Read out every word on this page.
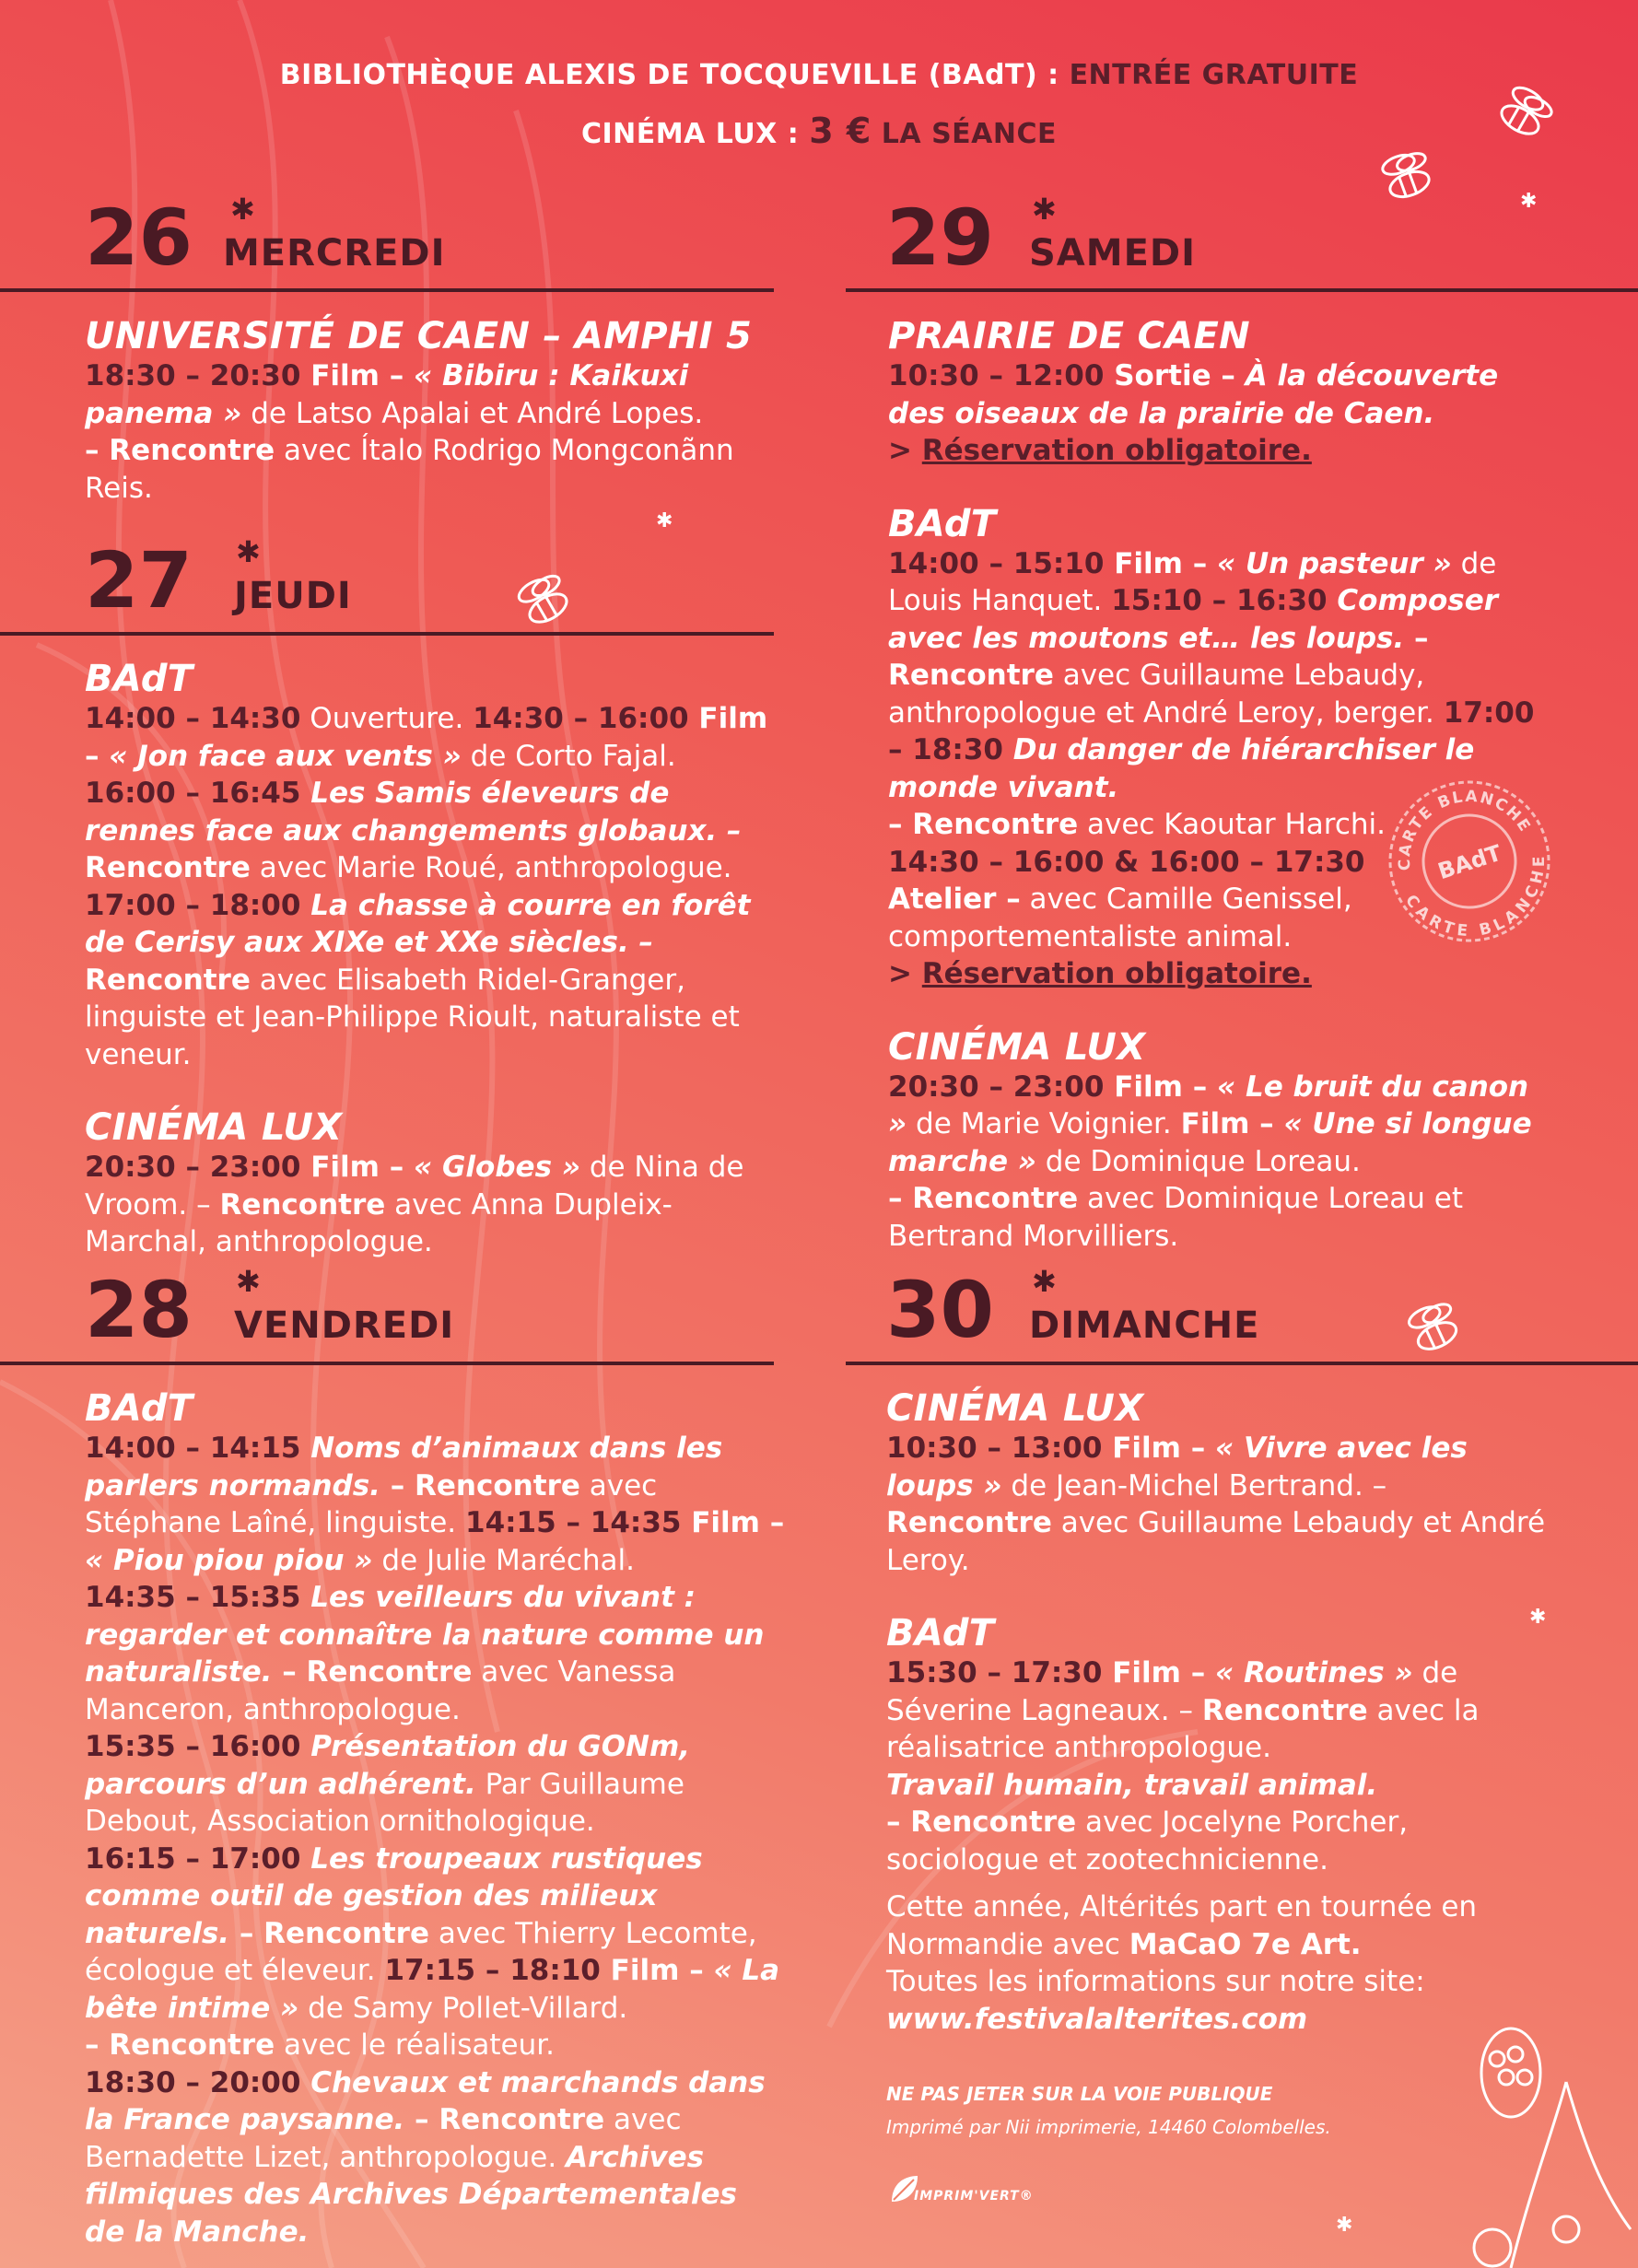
✱
✱
✱
✱
BIBLIOTHÈQUE ALEXIS DE TOCQUEVILLE (BAdT) : ENTRÉE GRATUITE
CINÉMA LUX : 3 € LA SÉANCE
26 ✱
MERCREDI
UNIVERSITÉ DE CAEN – AMPHI 5

18:30 – 20:30 Film – « Bibiru : Kaikuxi panema » de Latso Apalai et André Lopes.
– Rencontre avec Ítalo Rodrigo Mongconãnn Reis.

27 ✱
JEUDI
BAdT

14:00 – 14:30 Ouverture. 14:30 – 16:00 Film – « Jon face aux vents » de Corto Fajal.
16:00 – 16:45 Les Samis éleveurs de rennes face aux changements globaux. – Rencontre avec Marie Roué, anthropologue.
17:00 – 18:00 La chasse à courre en forêt de Cerisy aux XIXe et XXe siècles. – Rencontre avec Elisabeth Ridel-Granger, linguiste et Jean-Philippe Rioult, naturaliste et veneur.

CINÉMA LUX

20:30 – 23:00 Film – « Globes » de Nina de Vroom. – Rencontre avec Anna Dupleix-Marchal, anthropologue.

28 ✱
VENDREDI
BAdT

14:00 – 14:15 Noms d’animaux dans les parlers normands. – Rencontre avec Stéphane Laîné, linguiste. 14:15 – 14:35 Film – « Piou piou piou » de Julie Maréchal.
14:35 – 15:35 Les veilleurs du vivant : regarder et connaître la nature comme un naturaliste. – Rencontre avec Vanessa Manceron, anthropologue.
15:35 – 16:00 Présentation du GONm, parcours d’un adhérent. Par Guillaume Debout, Association ornithologique.
16:15 – 17:00 Les troupeaux rustiques comme outil de gestion des milieux naturels. – Rencontre avec Thierry Lecomte, écologue et éleveur. 17:15 – 18:10 Film – « La bête intime » de Samy Pollet-Villard.
– Rencontre avec le réalisateur.
18:30 – 20:00 Chevaux et marchands dans la France paysanne. – Rencontre avec Bernadette Lizet, anthropologue. Archives filmiques des Archives Départementales de la Manche.

29 ✱
SAMEDI
PRAIRIE DE CAEN

10:30 – 12:00 Sortie – À la découverte des oiseaux de la prairie de Caen.
> Réservation obligatoire.

BAdT

14:00 – 15:10 Film – « Un pasteur » de Louis Hanquet. 15:10 – 16:30 Composer avec les moutons et… les loups. – Rencontre avec Guillaume Lebaudy, anthropologue et André Leroy, berger. 17:00 – 18:30 Du danger de hiérarchiser le monde vivant.
– Rencontre avec Kaoutar Harchi.
14:30 – 16:00 & 16:00 – 17:30
Atelier – avec Camille Genissel, comportementaliste animal.
> Réservation obligatoire.

CINÉMA LUX

20:30 – 23:00 Film – « Le bruit du canon » de Marie Voignier. Film – « Une si longue marche » de Dominique Loreau.
– Rencontre avec Dominique Loreau et Bertrand Morvilliers.

CARTE BLANCHE
CARTE BLANCHE
BAdT
30 ✱
DIMANCHE
CINÉMA LUX

10:30 – 13:00 Film – « Vivre avec les loups » de Jean-Michel Bertrand. – Rencontre avec Guillaume Lebaudy et André Leroy.

BAdT

15:30 – 17:30 Film – « Routines » de Séverine Lagneaux. – Rencontre avec la réalisatrice anthropologue.
Travail humain, travail animal.
– Rencontre avec Jocelyne Porcher, sociologue et zootechnicienne.

Cette année, Altérités part en tournée en Normandie avec MaCaO 7e Art.
Toutes les informations sur notre site:
www.festivalalterites.com

NE PAS JETER SUR LA VOIE PUBLIQUE
Imprimé par Nii imprimerie, 14460 Colombelles.
IMPRIM'VERT®
